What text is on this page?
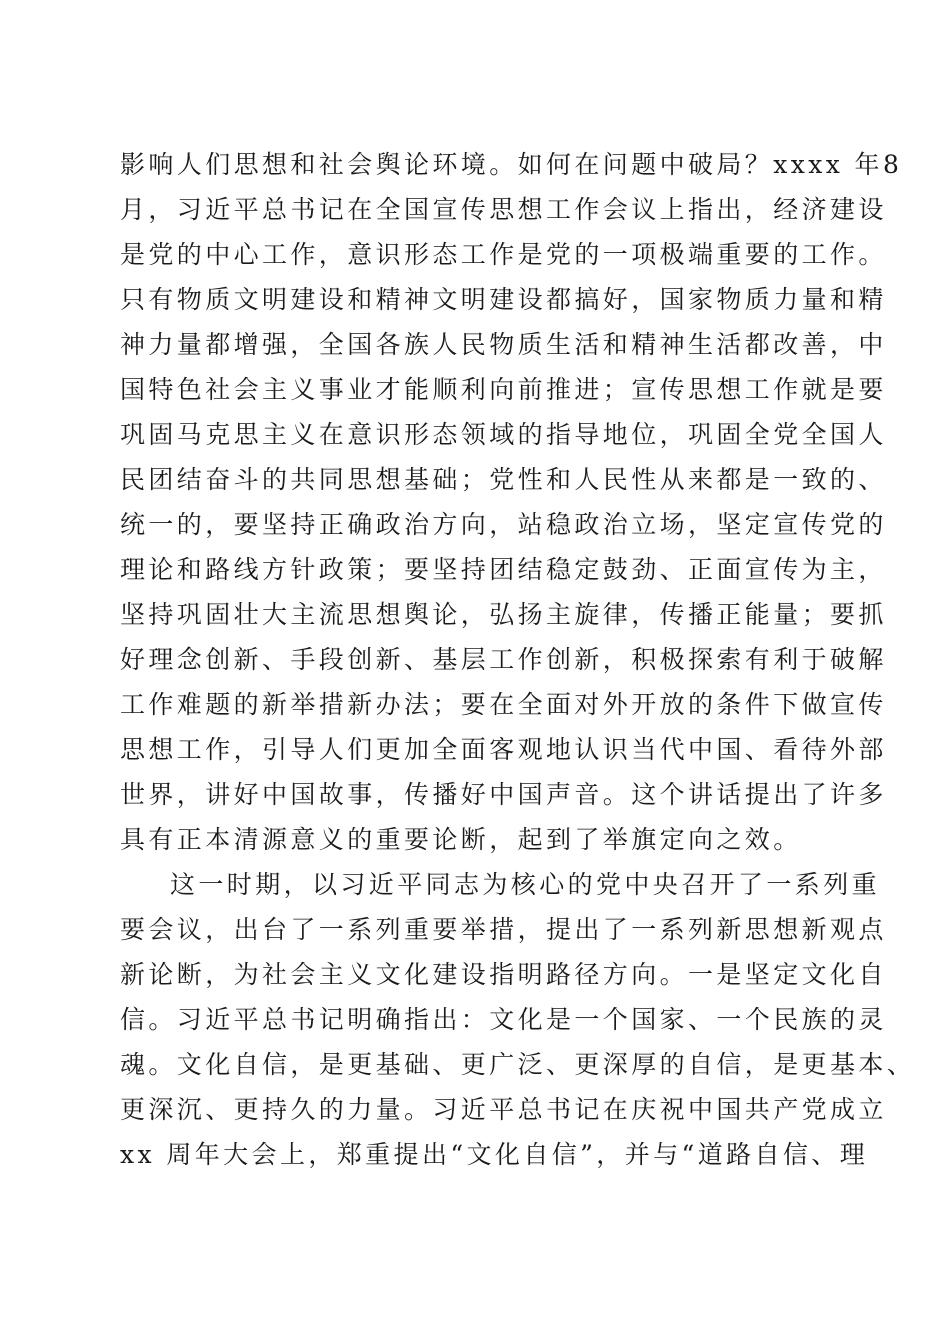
影响人们思想和社会舆论环境。如何在问题中破局？xxxx 年8
月，习近平总书记在全国宣传思想工作会议上指出，经济建设
是党的中心工作，意识形态工作是党的一项极端重要的工作。
只有物质文明建设和精神文明建设都搞好，国家物质力量和精
神力量都增强，全国各族人民物质生活和精神生活都改善，中
国特色社会主义事业才能顺利向前推进；宣传思想工作就是要
巩固马克思主义在意识形态领域的指导地位，巩固全党全国人
民团结奋斗的共同思想基础；党性和人民性从来都是一致的、
统一的，要坚持正确政治方向，站稳政治立场，坚定宣传党的
理论和路线方针政策；要坚持团结稳定鼓劲、正面宣传为主，
坚持巩固壮大主流思想舆论，弘扬主旋律，传播正能量；要抓
好理念创新、手段创新、基层工作创新，积极探索有利于破解
工作难题的新举措新办法；要在全面对外开放的条件下做宣传
思想工作，引导人们更加全面客观地认识当代中国、看待外部
世界，讲好中国故事，传播好中国声音。这个讲话提出了许多
具有正本清源意义的重要论断，起到了举旗定向之效。
这一时期，以习近平同志为核心的党中央召开了一系列重
要会议，出台了一系列重要举措，提出了一系列新思想新观点
新论断，为社会主义文化建设指明路径方向。一是坚定文化自
信。习近平总书记明确指出：文化是一个国家、一个民族的灵
魂。文化自信，是更基础、更广泛、更深厚的自信，是更基本、
更深沉、更持久的力量。习近平总书记在庆祝中国共产党成立
xx 周年大会上，郑重提出“文化自信”，并与“道路自信、理
